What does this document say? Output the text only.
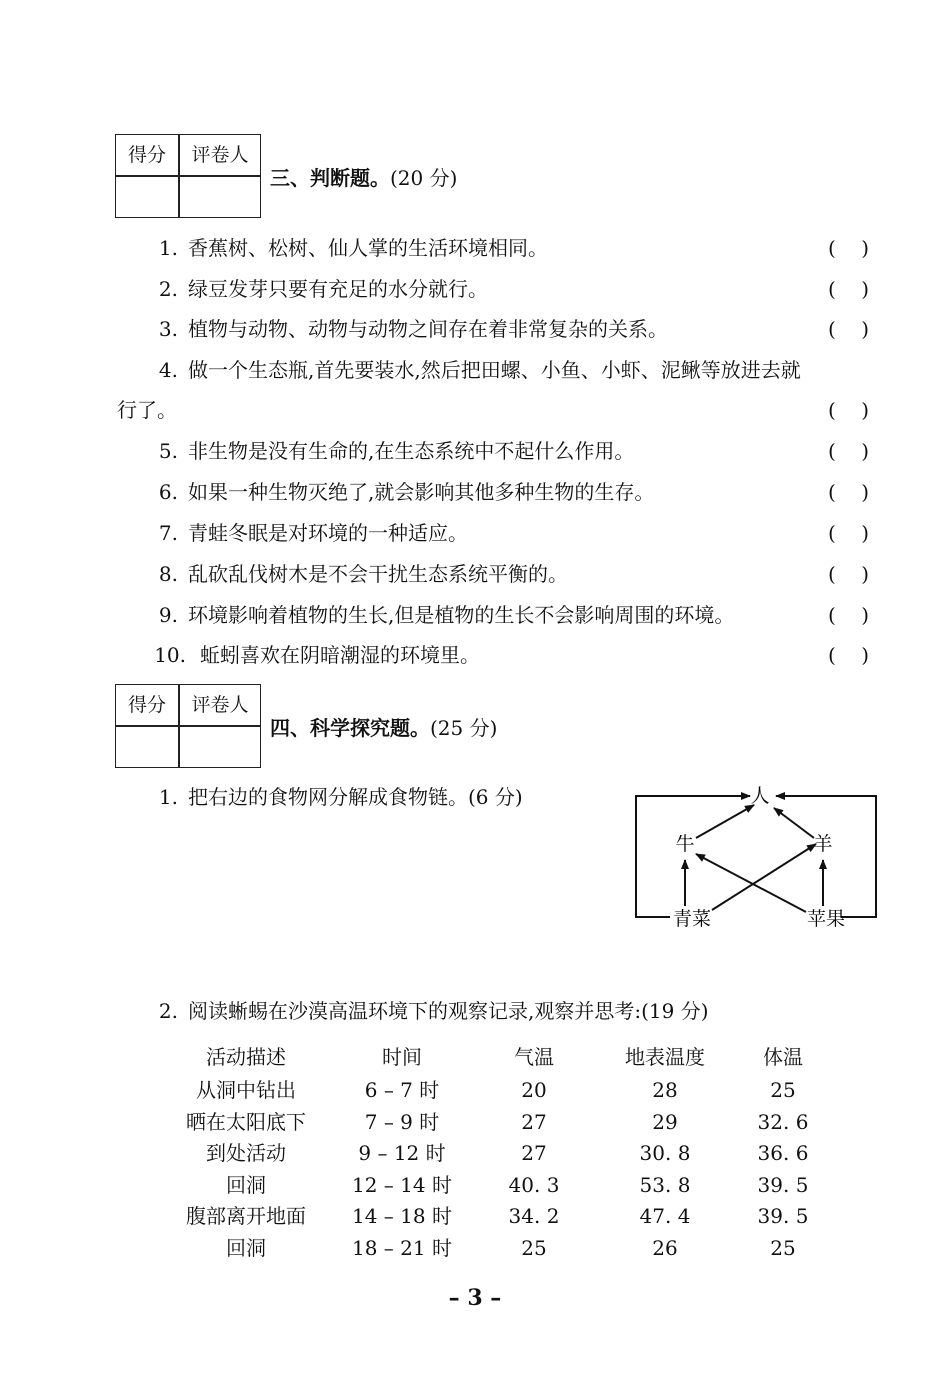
得分	评卷人
三、判断题。(20 分)
1. 香蕉树、松树、仙人掌的生活环境相同。	(    )
2. 绿豆发芽只要有充足的水分就行。	(    )
3. 植物与动物、动物与动物之间存在着非常复杂的关系。	(    )
4. 做一个生态瓶,首先要装水,然后把田螺、小鱼、小虾、泥鳅等放进去就
行了。	(    )
5. 非生物是没有生命的,在生态系统中不起什么作用。	(    )
6. 如果一种生物灭绝了,就会影响其他多种生物的生存。	(    )
7. 青蛙冬眠是对环境的一种适应。	(    )
8. 乱砍乱伐树木是不会干扰生态系统平衡的。	(    )
9. 环境影响着植物的生长,但是植物的生长不会影响周围的环境。	(    )
10. 蚯蚓喜欢在阴暗潮湿的环境里。	(    )
得分	评卷人
四、科学探究题。(25 分)
1. 把右边的食物网分解成食物链。(6 分)	人
牛	羊
青菜	苹果
2. 阅读蜥蜴在沙漠高温环境下的观察记录,观察并思考:(19 分)
活动描述	时间	气温	地表温度	体温
从洞中钻出	6 – 7 时	20	28	25
晒在太阳底下	7 – 9 时	27	29	32. 6
到处活动	9 – 12 时	27	30. 8	36. 6
回洞	12 – 14 时	40. 3	53. 8	39. 5
腹部离开地面	14 – 18 时	34. 2	47. 4	39. 5
回洞	18 – 21 时	25	26	25
– 3 –
